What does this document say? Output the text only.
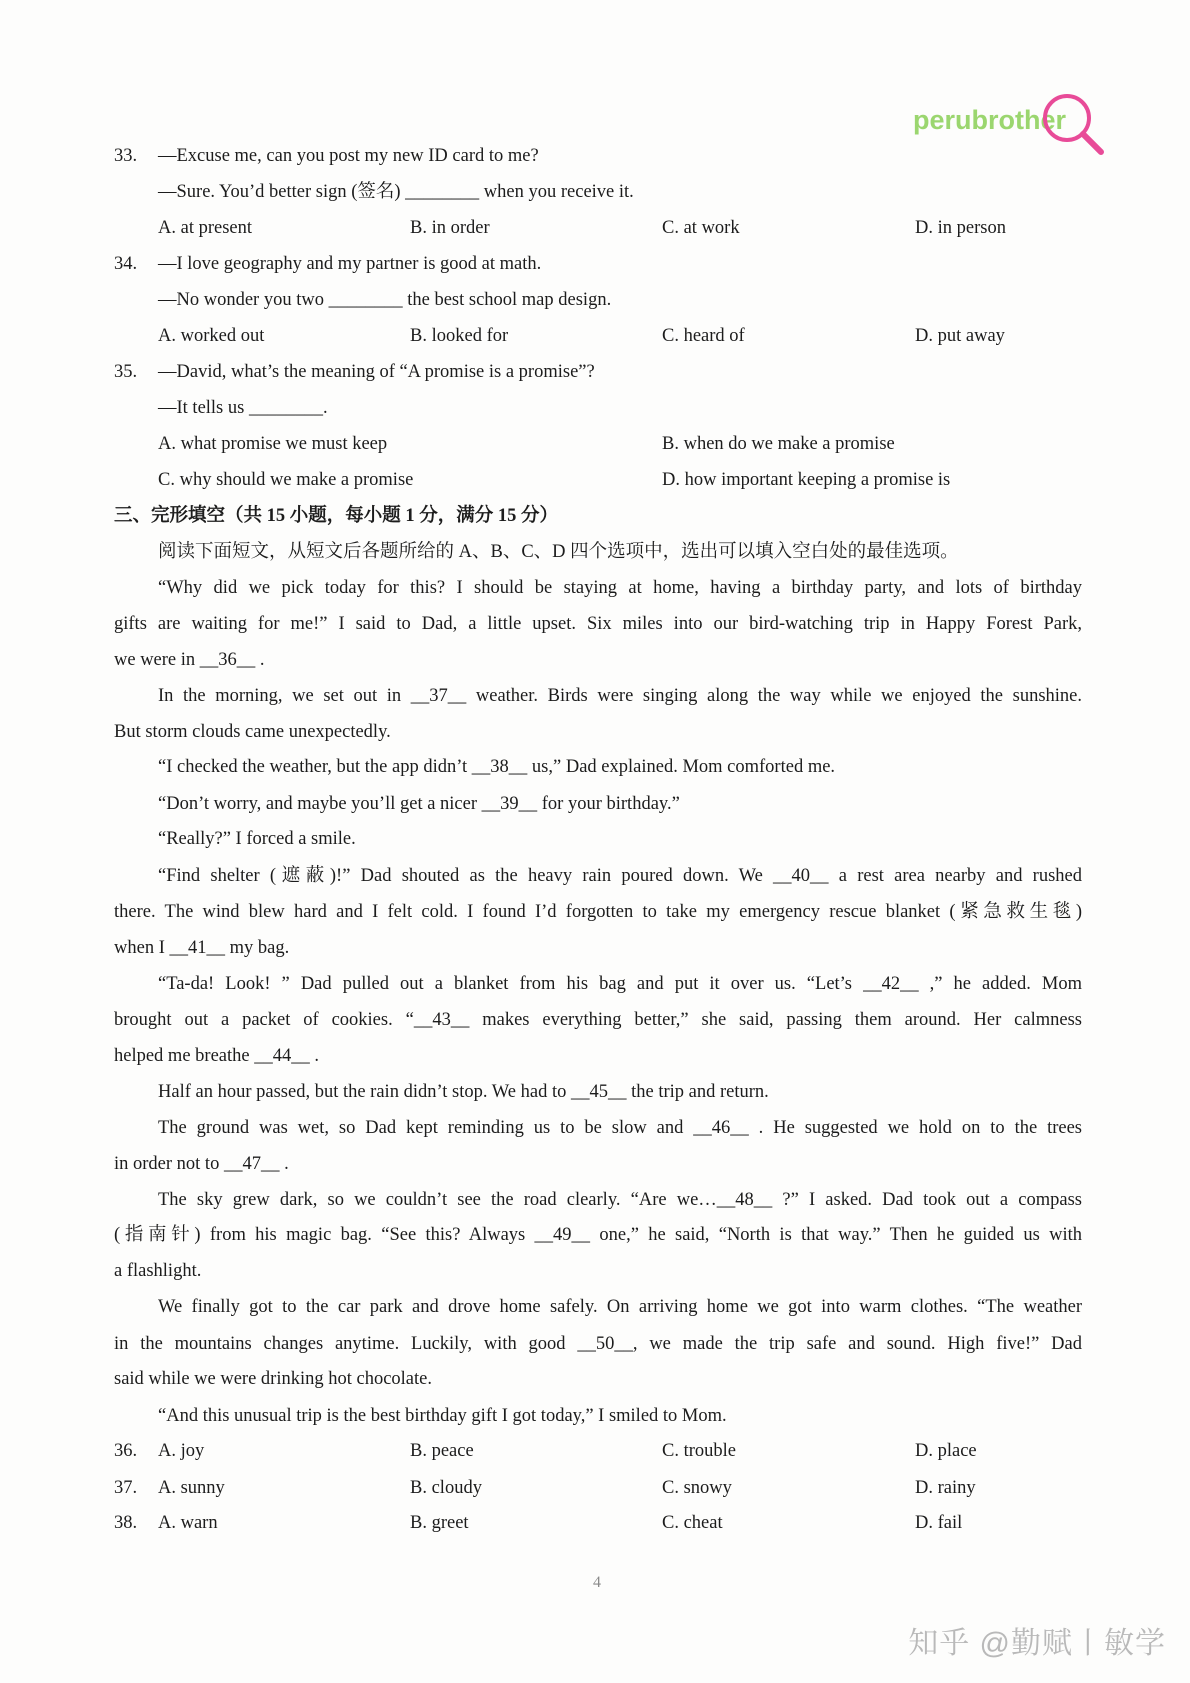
perubrother
33. —Excuse me, can you post my new ID card to me?
—Sure. You’d better sign (签名) ________ when you receive it.
A. at present	B. in order	C. at work	D. in person
34. —I love geography and my partner is good at math.
—No wonder you two ________ the best school map design.
A. worked out	B. looked for	C. heard of	D. put away
35. —David, what’s the meaning of “A promise is a promise”?
—It tells us ________.
A. what promise we must keep	B. when do we make a promise
C. why should we make a promise	D. how important keeping a promise is
三、完形填空（共 15 小题，每小题 1 分，满分 15 分）
阅读下面短文，从短文后各题所给的 A、B、C、D 四个选项中，选出可以填入空白处的最佳选项。
“Why did we pick today for this? I should be staying at home, having a birthday party, and lots of birthday
gifts are waiting for me!” I said to Dad, a little upset. Six miles into our bird-watching trip in Happy Forest Park,
we were in __36__ .
In the morning, we set out in __37__ weather. Birds were singing along the way while we enjoyed the sunshine.
But storm clouds came unexpectedly.
“I checked the weather, but the app didn’t __38__ us,” Dad explained. Mom comforted me.
“Don’t worry, and maybe you’ll get a nicer __39__ for your birthday.”
“Really?” I forced a smile.
“Find shelter (遮蔽)!” Dad shouted as the heavy rain poured down. We __40__ a rest area nearby and rushed
there. The wind blew hard and I felt cold. I found I’d forgotten to take my emergency rescue blanket (紧急救生毯)
when I __41__ my bag.
“Ta-da! Look! ” Dad pulled out a blanket from his bag and put it over us. “Let’s __42__ ,” he added. Mom
brought out a packet of cookies. “__43__ makes everything better,” she said, passing them around. Her calmness
helped me breathe __44__ .
Half an hour passed, but the rain didn’t stop. We had to __45__ the trip and return.
The ground was wet, so Dad kept reminding us to be slow and __46__ . He suggested we hold on to the trees
in order not to __47__ .
The sky grew dark, so we couldn’t see the road clearly. “Are we…__48__ ?” I asked. Dad took out a compass
(指南针) from his magic bag. “See this? Always __49__ one,” he said, “North is that way.” Then he guided us with
a flashlight.
We finally got to the car park and drove home safely. On arriving home we got into warm clothes. “The weather
in the mountains changes anytime. Luckily, with good __50__, we made the trip safe and sound. High five!” Dad
said while we were drinking hot chocolate.
“And this unusual trip is the best birthday gift I got today,” I smiled to Mom.
36. A. joy	B. peace	C. trouble	D. place
37. A. sunny	B. cloudy	C. snowy	D. rainy
38. A. warn	B. greet	C. cheat	D. fail
4
知乎 @勤赋丨敏学
